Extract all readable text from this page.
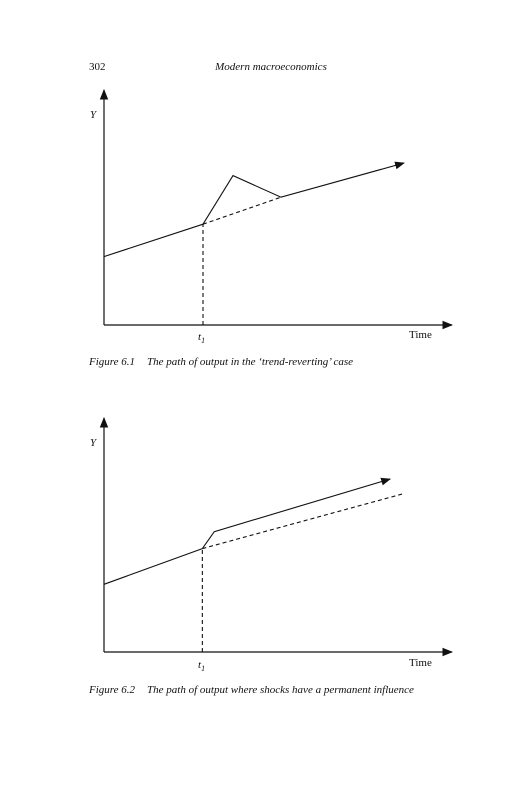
302	Modern macroeconomics
Y
Time
$t_1$
Figure 6.1 The path of output in the ‘trend-reverting’ case
Y
Time
$t_1$
Figure 6.2 The path of output where shocks have a permanent influence
